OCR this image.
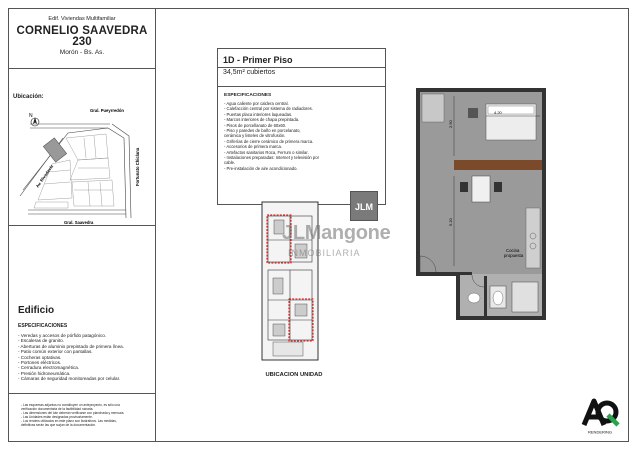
Edif. Viviendas Multifamiliar
CORNELIO SAAVEDRA
230
Morón - Bs. As.
Ubicación:
N
Gral. Pueyrredón
Gral. Saavedra
Av. Rivadavia	Fortunato Chiclana
Edificio
ESPECIFICACIONES
- Veredas y accesos de pórfido patagónico.
- Escaleras de granito.
- Aberturas de aluminio prepintado de primera línea.
- Patio común exterior con pantallas.
- Cocheras optativas.
- Portones eléctricos.
- Cerradura electromagnética.
- Presión hidroneumática.
- Cámaras de seguridad monitoreadas por celular.
- Las esquemas adjuntos no constituyen un anteproyecto, es sólo una
verificación documentaria de la factibilidad ruinaria.
- Las dimensiones del lote deberán verificarse con planchada y mensura.
- Las Unidades están designadas provisoriamente.
- Los renders utilizados en este plano son ilustrativos. Las medidas,
definitivas serán las que surjan de la documentación.
1D - Primer Piso
34,5m² cubiertos
ESPECIFICACIONES
- Agua caliente por caldera central.
- Calefacción central por sistema de radiadores.
- Puertas placa interiores laqueadas.
- Marcos interiores de chapa prepintada.
- Pisos de porcellanato de 60x60.
- Piso y paredes de baño en porcelanato,
cerámica y listeles de vitrofusión.
- Griferías de cierre cerámico de primera marca.
- Accesorios de primera marca.
- Artefactos sanitarios Roca, Ferrum o similar.
- Instalaciones preparadas: Internet y televisión por
cable.
- Pre-instalación de aire acondicionado.
JLM
JLMangone
INMOBILIARIA
UBICACION UNIDAD
4.20
2.50
5.20
Cocina propuesta
RENDERING
